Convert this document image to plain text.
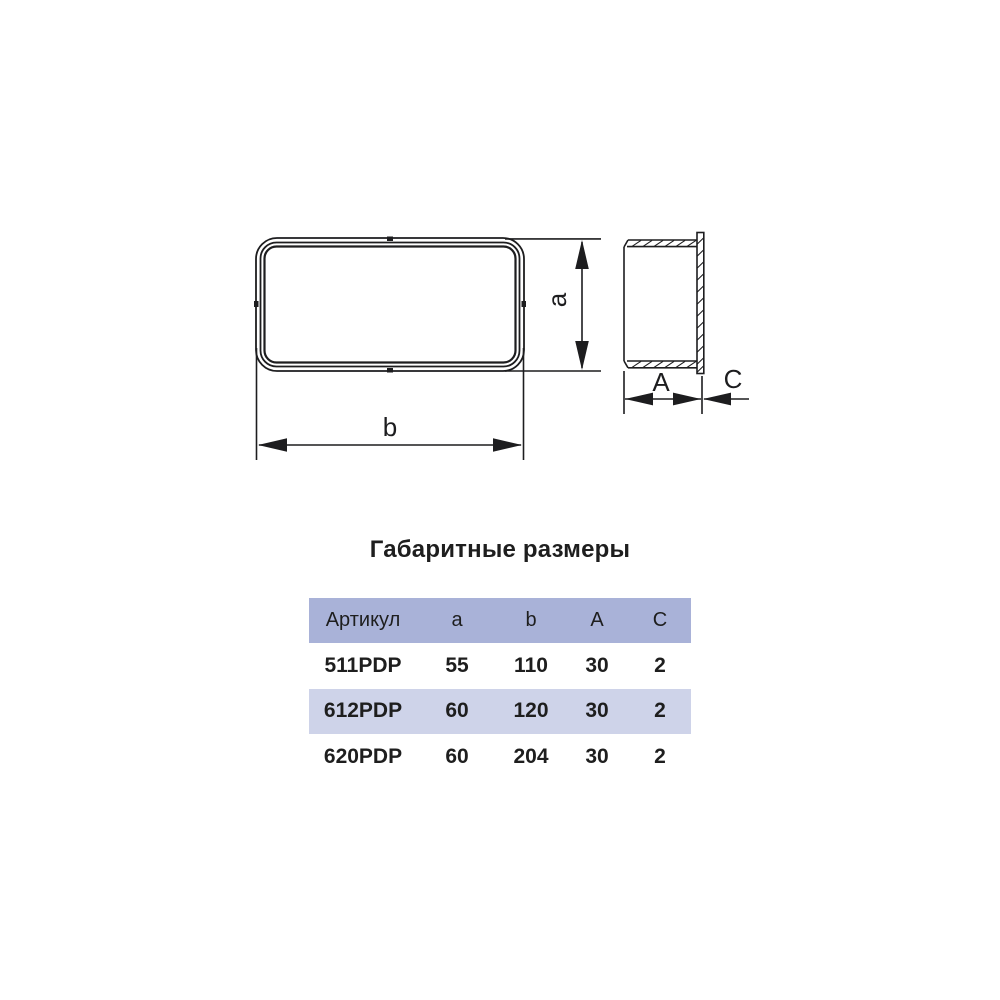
b
a
A C
Габаритные размеры
Артикул	a	b	A	C
511PDP	55	110	30	2
612PDP	60	120	30	2
620PDP	60	204	30	2
